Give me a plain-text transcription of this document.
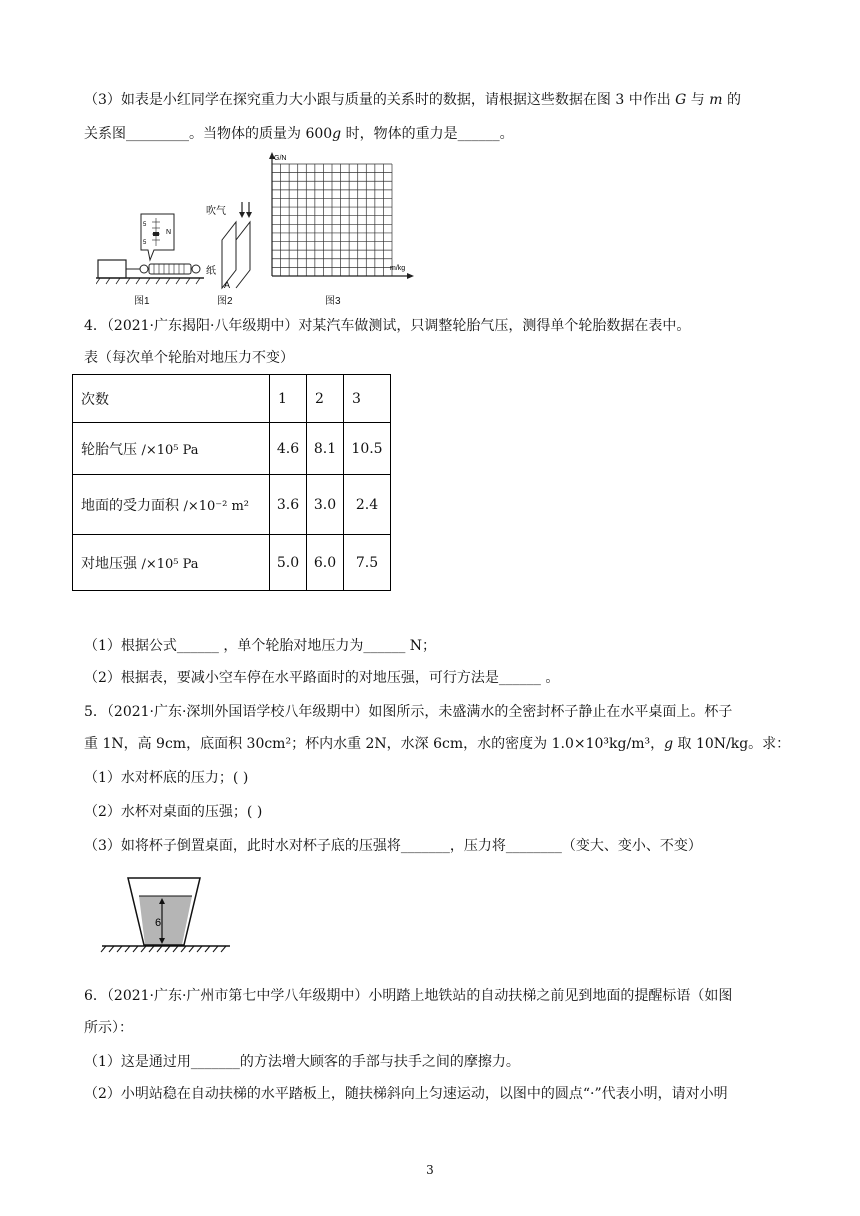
（3）如表是小红同学在探究重力大小跟与质量的关系时的数据，请根据这些数据在图 3 中作出 G 与 m 的
关系图_________。当物体的质量为 600g 时，物体的重力是______。
5
5
N
图1
吹气
纸
A
图2
G/N
m/kg
图3
4．（2021·广东揭阳·八年级期中）对某汽车做测试，只调整轮胎气压，测得单个轮胎数据在表中。
表（每次单个轮胎对地压力不变）
次数	1	2	3
轮胎气压 /×10⁵ Pa	4.6	8.1	10.5
地面的受力面积 /×10⁻² m²	3.6	3.0	2.4
对地压强 /×10⁵ Pa	5.0	6.0	7.5
（1）根据公式______ ，单个轮胎对地压力为______ N；
（2）根据表，要减小空车停在水平路面时的对地压强，可行方法是______ 。
5．（2021·广东·深圳外国语学校八年级期中）如图所示，未盛满水的全密封杯子静止在水平桌面上。杯子
重 1N，高 9cm，底面积 30cm²；杯内水重 2N，水深 6cm，水的密度为 1.0×10³kg/m³，g 取 10N/kg。求：
（1）水对杯底的压力；( )
（2）水杯对桌面的压强；( )
（3）如将杯子倒置桌面，此时水对杯子底的压强将_______，压力将________（变大、变小、不变）
6
6．（2021·广东·广州市第七中学八年级期中）小明踏上地铁站的自动扶梯之前见到地面的提醒标语（如图
所示）：
（1）这是通过用_______的方法增大顾客的手部与扶手之间的摩擦力。
（2）小明站稳在自动扶梯的水平踏板上，随扶梯斜向上匀速运动，以图中的圆点“·”代表小明，请对小明
3
